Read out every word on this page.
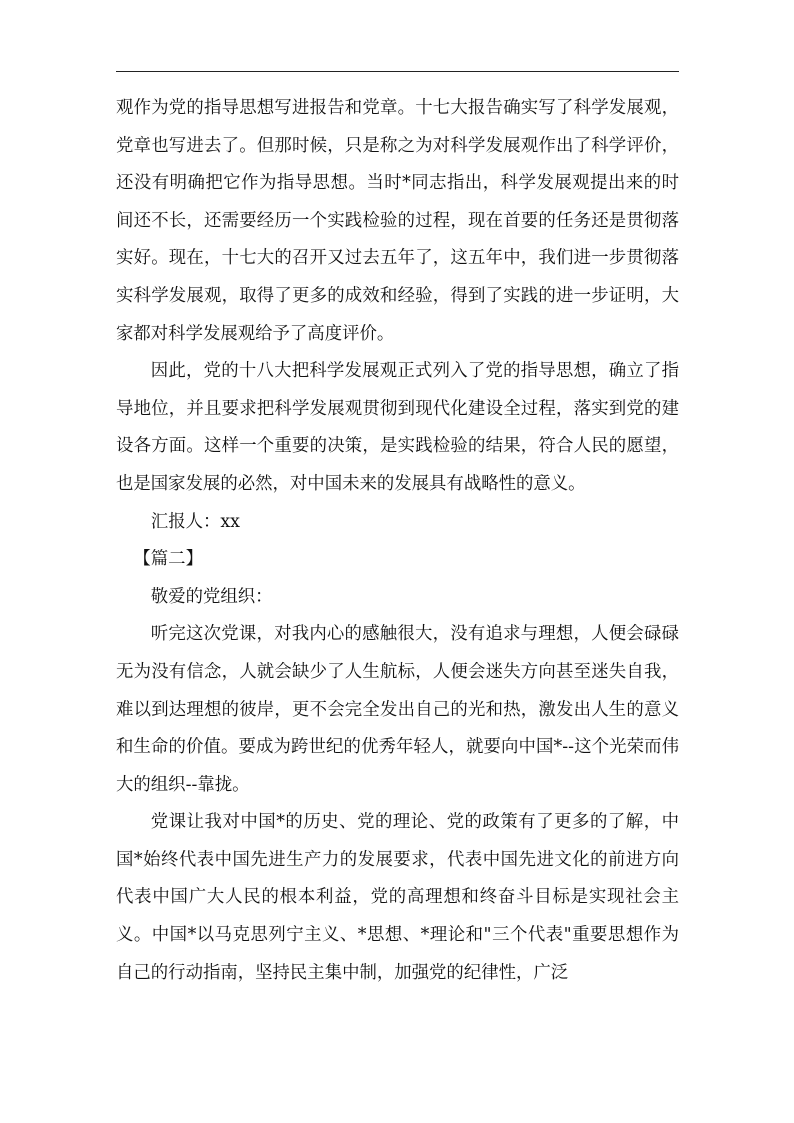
观作为党的指导思想写进报告和党章。十七大报告确实写了科学发展观，党章也写进去了。但那时候，只是称之为对科学发展观作出了科学评价，还没有明确把它作为指导思想。当时*同志指出，科学发展观提出来的时间还不长，还需要经历一个实践检验的过程，现在首要的任务还是贯彻落实好。现在，十七大的召开又过去五年了，这五年中，我们进一步贯彻落实科学发展观，取得了更多的成效和经验，得到了实践的进一步证明，大家都对科学发展观给予了高度评价。

因此，党的十八大把科学发展观正式列入了党的指导思想，确立了指导地位，并且要求把科学发展观贯彻到现代化建设全过程，落实到党的建设各方面。这样一个重要的决策，是实践检验的结果，符合人民的愿望，也是国家发展的必然，对中国未来的发展具有战略性的意义。

汇报人：xx

【篇二】

敬爱的党组织：

听完这次党课，对我内心的感触很大，没有追求与理想，人便会碌碌无为没有信念，人就会缺少了人生航标，人便会迷失方向甚至迷失自我，难以到达理想的彼岸，更不会完全发出自己的光和热，激发出人生的意义和生命的价值。要成为跨世纪的优秀年轻人，就要向中国*--这个光荣而伟大的组织--靠拢。

党课让我对中国*的历史、党的理论、党的政策有了更多的了解，中国*始终代表中国先进生产力的发展要求，代表中国先进文化的前进方向代表中国广大人民的根本利益，党的高理想和终奋斗目标是实现社会主义。中国*以马克思列宁主义、*思想、*理论和"三个代表"重要思想作为自己的行动指南，坚持民主集中制，加强党的纪律性，广泛
